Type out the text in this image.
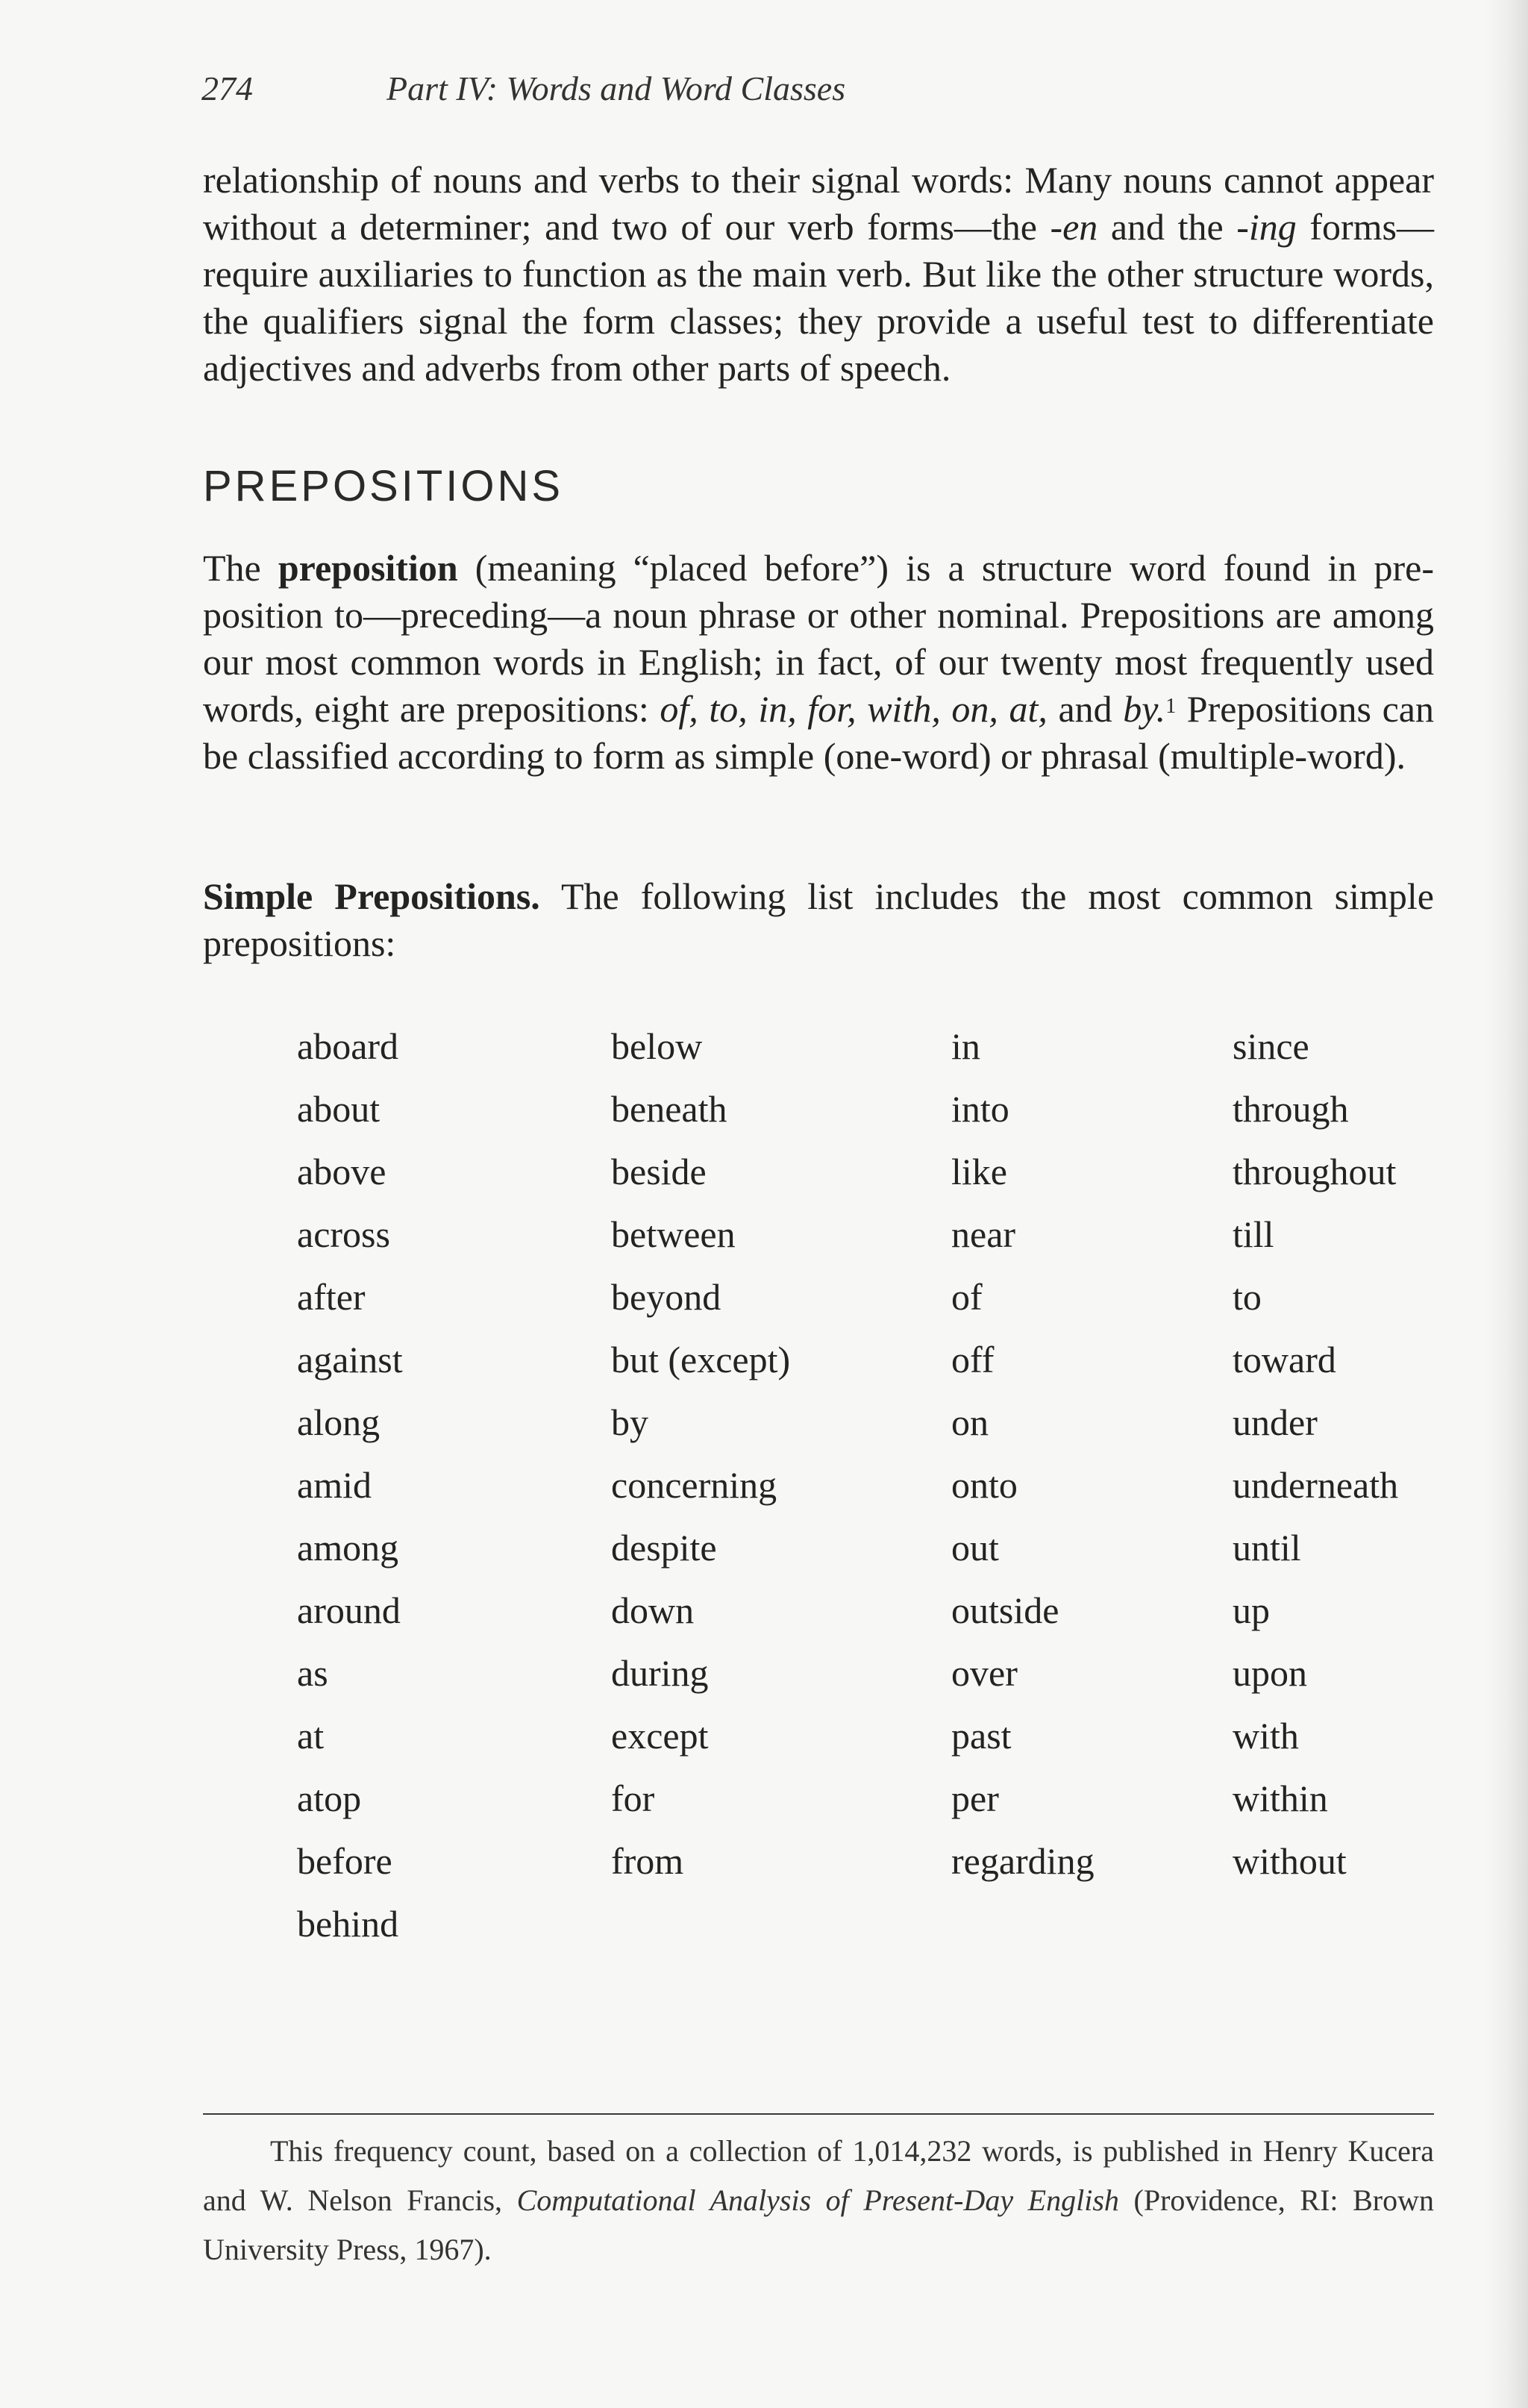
274	Part IV: Words and Word Classes

relationship of nouns and verbs to their signal words: Many nouns cannot appear without a determiner; and two of our verb forms—the -en and the -ing forms—require auxiliaries to function as the main verb. But like the other structure words, the qualifiers signal the form classes; they provide a useful test to differentiate adjectives and adverbs from other parts of speech.

PREPOSITIONS

The preposition (meaning “placed before”) is a structure word found in pre-position to—preceding—a noun phrase or other nominal. Prepositions are among our most common words in English; in fact, of our twenty most frequently used words, eight are prepositions: of, to, in, for, with, on, at, and by.$^1$ Prepositions can be classified according to form as simple (one-word) or phrasal (multiple-word).

Simple Prepositions. The following list includes the most common simple prepositions:

aboard	below	in	since
about	beneath	into	through
above	beside	like	throughout
across	between	near	till
after	beyond	of	to
against	but (except)	off	toward
along	by	on	under
amid	concerning	onto	underneath
among	despite	out	until
around	down	outside	up
as	during	over	upon
at	except	past	with
atop	for	per	within
before	from	regarding	without
behind			

This frequency count, based on a collection of 1,014,232 words, is published in Henry Kucera and W. Nelson Francis, Computational Analysis of Present-Day English (Providence, RI: Brown University Press, 1967).
